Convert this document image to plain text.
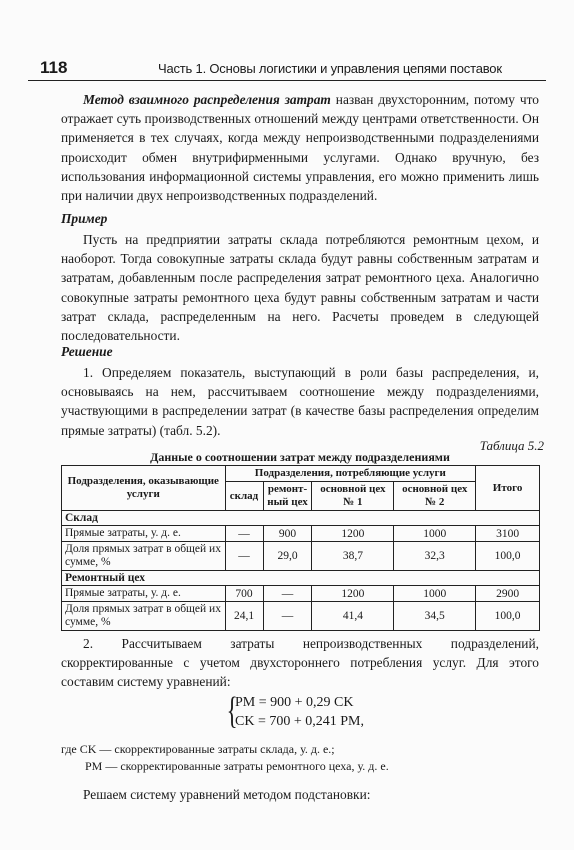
118	Часть 1. Основы логистики и управления цепями поставок

Метод взаимного распределения затрат назван двухсторонним, потому что отражает суть производственных отношений между центрами ответственности. Он применяется в тех случаях, когда между непроизводственными подразделениями происходит обмен внутрифирменными услугами. Однако вручную, без использования информационной системы управления, его можно применить лишь при наличии двух непроизводственных подразделений.

Пример

Пусть на предприятии затраты склада потребляются ремонтным цехом, и наоборот. Тогда совокупные затраты склада будут равны собственным затратам и затратам, добавленным после распределения затрат ремонтного цеха. Аналогично совокупные затраты ремонтного цеха будут равны собственным затратам и части затрат склада, распределенным на него. Расчеты проведем в следующей последовательности.

Решение

1. Определяем показатель, выступающий в роли базы распределения, и, основываясь на нем, рассчитываем соотношение между подразделениями, участвующими в распределении затрат (в качестве базы распределения определим прямые затраты) (табл. 5.2).

Таблица 5.2
Данные о соотношении затрат между подразделениями
Подразделения, оказывающие услуги	Подразделения, потребляющие услуги				Итого
	склад	ремонт-ный цех	основной цех № 1	основной цех № 2	
Склад					
Прямые затраты, у. д. е.	—	900	1200	1000	3100
Доля прямых затрат в общей их сумме, %	—	29,0	38,7	32,3	100,0
Ремонтный цех					
Прямые затраты, у. д. е.	700	—	1200	1000	2900
Доля прямых затрат в общей их сумме, %	24,1	—	41,4	34,5	100,0

2. Рассчитываем затраты непроизводственных подразделений, скорректированные с учетом двухстороннего потребления услуг. Для этого составим систему уравнений:

{
PM = 900 + 0,29 CK
CK = 700 + 0,241 PM,
где CK — скорректированные затраты склада, у. д. е.;
PM — скорректированные затраты ремонтного цеха, у. д. е.

Решаем систему уравнений методом подстановки:
